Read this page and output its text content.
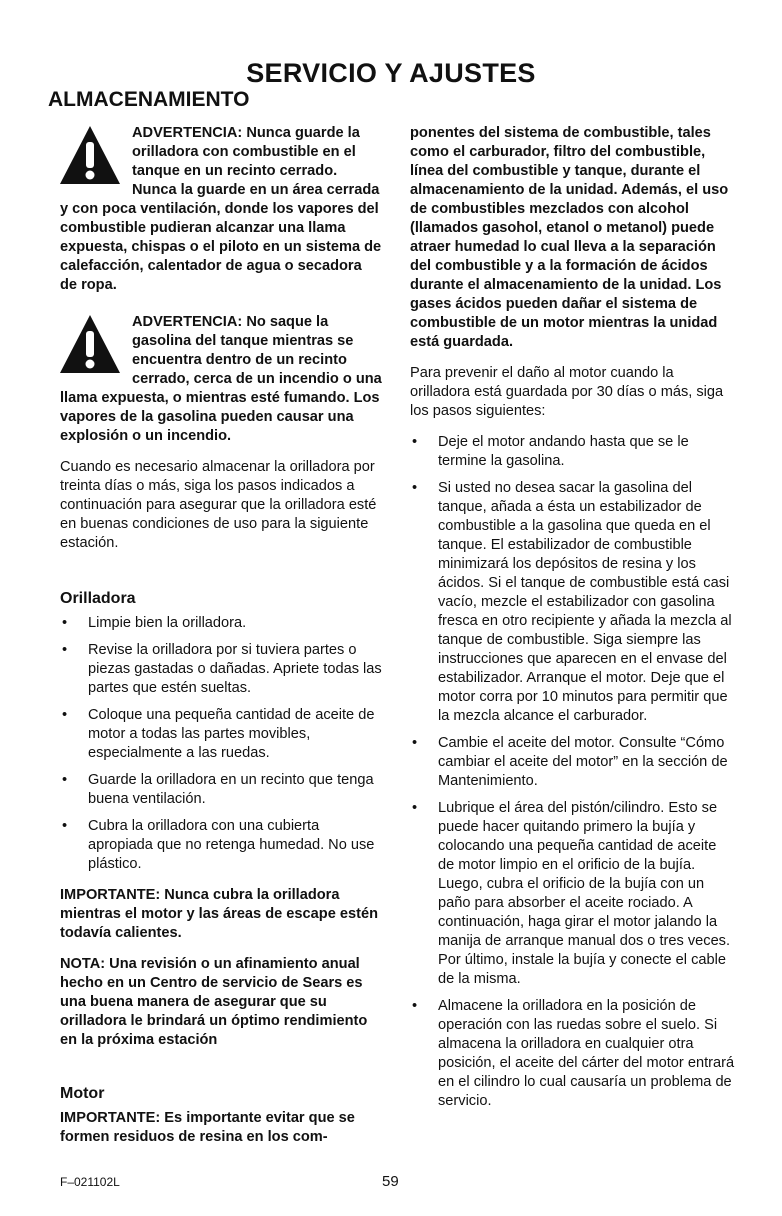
SERVICIO Y AJUSTES
ALMACENAMIENTO

ADVERTENCIA: Nunca guarde la orilladora con combustible en el tanque en un recinto cerrado. Nunca la guarde en un área cerrada y con poca ventilación, donde los vapores del combustible pudieran alcanzar una llama expuesta, chispas o el piloto en un sistema de calefacción, calentador de agua o secadora de ropa.

ADVERTENCIA: No saque la gasolina del tanque mientras se encuentra dentro de un recinto cerrado, cerca de un incendio o una llama expuesta, o mientras esté fumando. Los vapores de la gasolina pueden causar una explosión o un incendio.

Cuando es necesario almacenar la orilladora por treinta días o más, siga los pasos indicados a continuación para asegurar que la orilladora esté en buenas condiciones de uso para la siguiente estación.

Orilladora

• Limpie bien la orilladora.
• Revise la orilladora por si tuviera partes o piezas gastadas o dañadas. Apriete todas las partes que estén sueltas.
• Coloque una pequeña cantidad de aceite de motor a todas las partes movibles, especialmente a las ruedas.
• Guarde la orilladora en un recinto que tenga buena ventilación.
• Cubra la orilladora con una cubierta apropiada que no retenga humedad. No use plástico.

IMPORTANTE: Nunca cubra la orilladora mientras el motor y las áreas de escape estén todavía calientes.

NOTA: Una revisión o un afinamiento anual hecho en un Centro de servicio de Sears es una buena manera de asegurar que su orilladora le brindará un óptimo rendimiento en la próxima estación

Motor

IMPORTANTE: Es importante evitar que se formen residuos de resina en los com-

ponentes del sistema de combustible, tales como el carburador, filtro del combustible, línea del combustible y tanque, durante el almacenamiento de la unidad. Además, el uso de combustibles mezclados con alcohol (llamados gasohol, etanol o metanol) puede atraer humedad lo cual lleva a la separación del combustible y a la formación de ácidos durante el almacenamiento de la unidad. Los gases ácidos pueden dañar el sistema de combustible de un motor mientras la unidad está guardada.

Para prevenir el daño al motor cuando la orilladora está guardada por 30 días o más, siga los pasos siguientes:

• Deje el motor andando hasta que se le termine la gasolina.
• Si usted no desea sacar la gasolina del tanque, añada a ésta un estabilizador de combustible a la gasolina que queda en el tanque. El estabilizador de combustible minimizará los depósitos de resina y los ácidos. Si el tanque de combustible está casi vacío, mezcle el estabilizador con gasolina fresca en otro recipiente y añada la mezcla al tanque de combustible. Siga siempre las instrucciones que aparecen en el envase del estabilizador. Arranque el motor. Deje que el motor corra por 10 minutos para permitir que la mezcla alcance el carburador.
• Cambie el aceite del motor. Consulte “Cómo cambiar el aceite del motor” en la sección de Mantenimiento.
• Lubrique el área del pistón/cilindro. Esto se puede hacer quitando primero la bujía y colocando una pequeña cantidad de aceite de motor limpio en el orificio de la bujía. Luego, cubra el orificio de la bujía con un paño para absorber el aceite rociado. A continuación, haga girar el motor jalando la manija de arranque manual dos o tres veces. Por último, instale la bujía y conecte el cable de la misma.
• Almacene la orilladora en la posición de operación con las ruedas sobre el suelo. Si almacena la orilladora en cualquier otra posición, el aceite del cárter del motor entrará en el cilindro lo cual causaría un problema de servicio.
F–021102L	59
